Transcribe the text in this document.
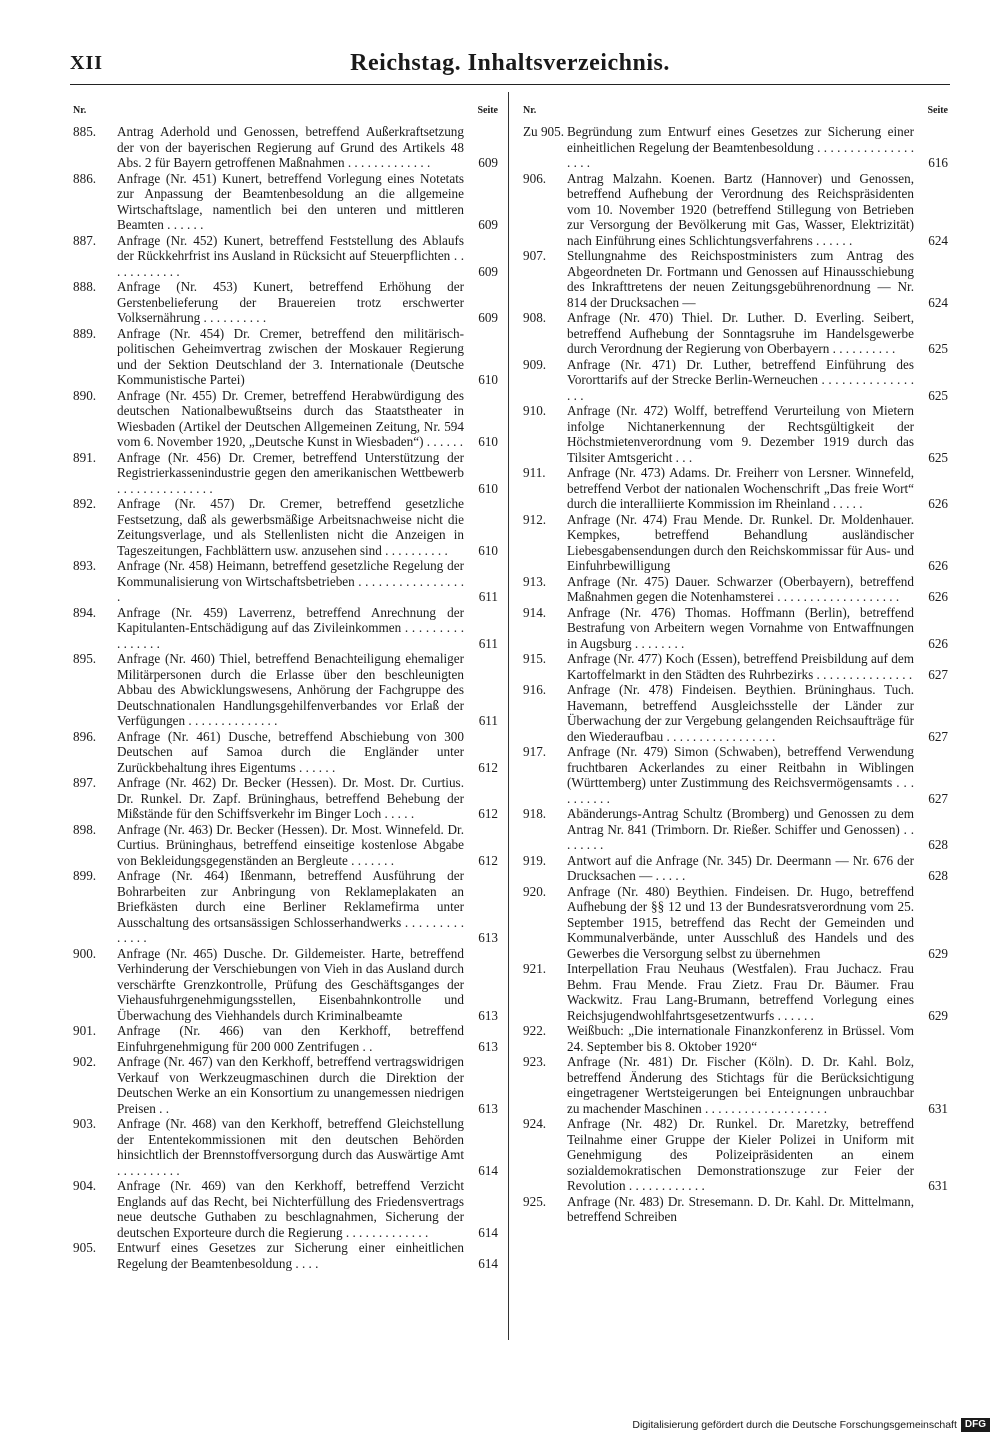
XII	Reichstag. Inhaltsverzeichnis.
Nr.	Seite
885.	Antrag Aderhold und Genossen, betreffend Außerkraftsetzung der von der bayerischen Regierung auf Grund des Artikels 48 Abs. 2 für Bayern getroffenen Maßnahmen . . . . . . . . . . . . .	609
886.	Anfrage (Nr. 451) Kunert, betreffend Vorlegung eines Notetats zur Anpassung der Beamtenbesoldung an die allgemeine Wirtschaftslage, namentlich bei den unteren und mittleren Beamten . . . . . .	609
887.	Anfrage (Nr. 452) Kunert, betreffend Feststellung des Ablaufs der Rückkehrfrist ins Ausland in Rücksicht auf Steuerpflichten . . . . . . . . . . . .	609
888.	Anfrage (Nr. 453) Kunert, betreffend Erhöhung der Gerstenbelieferung der Brauereien trotz erschwerter Volksernährung . . . . . . . . . .	609
889.	Anfrage (Nr. 454) Dr. Cremer, betreffend den militärisch-politischen Geheimvertrag zwischen der Moskauer Regierung und der Sektion Deutschland der 3. Internationale (Deutsche Kommunistische Partei)	610
890.	Anfrage (Nr. 455) Dr. Cremer, betreffend Herabwürdigung des deutschen Nationalbewußtseins durch das Staatstheater in Wiesbaden (Artikel der Deutschen Allgemeinen Zeitung, Nr. 594 vom 6. November 1920, „Deutsche Kunst in Wiesbaden“) . . . . . .	610
891.	Anfrage (Nr. 456) Dr. Cremer, betreffend Unterstützung der Registrierkassenindustrie gegen den amerikanischen Wettbewerb . . . . . . . . . . . . . . .	610
892.	Anfrage (Nr. 457) Dr. Cremer, betreffend gesetzliche Festsetzung, daß als gewerbsmäßige Arbeitsnachweise nicht die Zeitungsverlage, und als Stellenlisten nicht die Anzeigen in Tageszeitungen, Fachblättern usw. anzusehen sind . . . . . . . . . .	610
893.	Anfrage (Nr. 458) Heimann, betreffend gesetzliche Regelung der Kommunalisierung von Wirtschaftsbetrieben . . . . . . . . . . . . . . . . .	611
894.	Anfrage (Nr. 459) Laverrenz, betreffend Anrechnung der Kapitulanten-Entschädigung auf das Zivileinkommen . . . . . . . . . . . . . . . .	611
895.	Anfrage (Nr. 460) Thiel, betreffend Benachteiligung ehemaliger Militärpersonen durch die Erlasse über den beschleunigten Abbau des Abwicklungswesens, Anhörung der Fachgruppe des Deutschnationalen Handlungsgehilfenverbandes vor Erlaß der Verfügungen . . . . . . . . . . . . . .	611
896.	Anfrage (Nr. 461) Dusche, betreffend Abschiebung von 300 Deutschen auf Samoa durch die Engländer unter Zurückbehaltung ihres Eigentums . . . . . .	612
897.	Anfrage (Nr. 462) Dr. Becker (Hessen). Dr. Most. Dr. Curtius. Dr. Runkel. Dr. Zapf. Brüninghaus, betreffend Behebung der Mißstände für den Schiffsverkehr im Binger Loch . . . . .	612
898.	Anfrage (Nr. 463) Dr. Becker (Hessen). Dr. Most. Winnefeld. Dr. Curtius. Brüninghaus, betreffend einseitige kostenlose Abgabe von Bekleidungsgegenständen an Bergleute . . . . . . .	612
899.	Anfrage (Nr. 464) Ißenmann, betreffend Ausführung der Bohrarbeiten zur Anbringung von Reklameplakaten an Briefkästen durch eine Berliner Reklamefirma unter Ausschaltung des ortsansässigen Schlosserhandwerks . . . . . . . . . . . . . .	613
900.	Anfrage (Nr. 465) Dusche. Dr. Gildemeister. Harte, betreffend Verhinderung der Verschiebungen von Vieh in das Ausland durch verschärfte Grenzkontrolle, Prüfung des Geschäftsganges der Viehausfuhrgenehmigungsstellen, Eisenbahnkontrolle und Überwachung des Viehhandels durch Kriminalbeamte	613
901.	Anfrage (Nr. 466) van den Kerkhoff, betreffend Einfuhrgenehmigung für 200 000 Zentrifugen . .	613
902.	Anfrage (Nr. 467) van den Kerkhoff, betreffend vertragswidrigen Verkauf von Werkzeugmaschinen durch die Direktion der Deutschen Werke an ein Konsortium zu unangemessen niedrigen Preisen . .	613
903.	Anfrage (Nr. 468) van den Kerkhoff, betreffend Gleichstellung der Ententekommissionen mit den deutschen Behörden hinsichtlich der Brennstoffversorgung durch das Auswärtige Amt . . . . . . . . . .	614
904.	Anfrage (Nr. 469) van den Kerkhoff, betreffend Verzicht Englands auf das Recht, bei Nichterfüllung des Friedensvertrags neue deutsche Guthaben zu beschlagnahmen, Sicherung der deutschen Exporteure durch die Regierung . . . . . . . . . . . . .	614
905.	Entwurf eines Gesetzes zur Sicherung einer einheitlichen Regelung der Beamtenbesoldung . . . .	614
Nr.	Seite
Zu 905. Begründung zum Entwurf eines Gesetzes zur Sicherung einer einheitlichen Regelung der Beamtenbesoldung . . . . . . . . . . . . . . . . . . .	616
906.	Antrag Malzahn. Koenen. Bartz (Hannover) und Genossen, betreffend Aufhebung der Verordnung des Reichspräsidenten vom 10. November 1920 (betreffend Stillegung von Betrieben zur Versorgung der Bevölkerung mit Gas, Wasser, Elektrizität) nach Einführung eines Schlichtungsverfahrens . . . . . .	624
907.	Stellungnahme des Reichspostministers zum Antrag des Abgeordneten Dr. Fortmann und Genossen auf Hinausschiebung des Inkrafttretens der neuen Zeitungsgebührenordnung — Nr. 814 der Drucksachen —	624
908.	Anfrage (Nr. 470) Thiel. Dr. Luther. D. Everling. Seibert, betreffend Aufhebung der Sonntagsruhe im Handelsgewerbe durch Verordnung der Regierung von Oberbayern . . . . . . . . . .	625
909.	Anfrage (Nr. 471) Dr. Luther, betreffend Einführung des Vororttarifs auf der Strecke Berlin-Werneuchen . . . . . . . . . . . . . . . . .	625
910.	Anfrage (Nr. 472) Wolff, betreffend Verurteilung von Mietern infolge Nichtanerkennung der Rechtsgültigkeit der Höchstmietenverordnung vom 9. Dezember 1919 durch das Tilsiter Amtsgericht . . .	625
911.	Anfrage (Nr. 473) Adams. Dr. Freiherr von Lersner. Winnefeld, betreffend Verbot der nationalen Wochenschrift „Das freie Wort“ durch die interalliierte Kommission im Rheinland . . . . .	626
912.	Anfrage (Nr. 474) Frau Mende. Dr. Runkel. Dr. Moldenhauer. Kempkes, betreffend Behandlung ausländischer Liebesgabensendungen durch den Reichskommissar für Aus- und Einfuhrbewilligung	626
913.	Anfrage (Nr. 475) Dauer. Schwarzer (Oberbayern), betreffend Maßnahmen gegen die Notenhamsterei . . . . . . . . . . . . . . . . . . .	626
914.	Anfrage (Nr. 476) Thomas. Hoffmann (Berlin), betreffend Bestrafung von Arbeitern wegen Vornahme von Entwaffnungen in Augsburg . . . . . . . .	626
915.	Anfrage (Nr. 477) Koch (Essen), betreffend Preisbildung auf dem Kartoffelmarkt in den Städten des Ruhrbezirks . . . . . . . . . . . . . . .	627
916.	Anfrage (Nr. 478) Findeisen. Beythien. Brüninghaus. Tuch. Havemann, betreffend Ausgleichsstelle der Länder zur Überwachung der zur Vergebung gelangenden Reichsaufträge für den Wiederaufbau . . . . . . . . . . . . . . . . .	627
917.	Anfrage (Nr. 479) Simon (Schwaben), betreffend Verwendung fruchtbaren Ackerlandes zu einer Reitbahn in Wiblingen (Württemberg) unter Zustimmung des Reichsvermögensamts . . . . . . . . . .	627
918.	Abänderungs-Antrag Schultz (Bromberg) und Genossen zu dem Antrag Nr. 841 (Trimborn. Dr. Rießer. Schiffer und Genossen) . . . . . . . .	628
919.	Antwort auf die Anfrage (Nr. 345) Dr. Deermann — Nr. 676 der Drucksachen — . . . . .	628
920.	Anfrage (Nr. 480) Beythien. Findeisen. Dr. Hugo, betreffend Aufhebung der §§ 12 und 13 der Bundesratsverordnung vom 25. September 1915, betreffend das Recht der Gemeinden und Kommunalverbände, unter Ausschluß des Handels und des Gewerbes die Versorgung selbst zu übernehmen	629
921.	Interpellation Frau Neuhaus (Westfalen). Frau Juchacz. Frau Behm. Frau Mende. Frau Zietz. Frau Dr. Bäumer. Frau Wackwitz. Frau Lang-Brumann, betreffend Vorlegung eines Reichsjugendwohlfahrtsgesetzentwurfs . . . . . .	629
922.	Weißbuch: „Die internationale Finanzkonferenz in Brüssel. Vom 24. September bis 8. Oktober 1920“
923.	Anfrage (Nr. 481) Dr. Fischer (Köln). D. Dr. Kahl. Bolz, betreffend Änderung des Stichtags für die Berücksichtigung eingetragener Wertsteigerungen bei Enteignungen unbrauchbar zu machender Maschinen . . . . . . . . . . . . . . . . . . .	631
924.	Anfrage (Nr. 482) Dr. Runkel. Dr. Maretzky, betreffend Teilnahme einer Gruppe der Kieler Polizei in Uniform mit Genehmigung des Polizeipräsidenten an einem sozialdemokratischen Demonstrationszuge zur Feier der Revolution . . . . . . . . . . . .	631
925.	Anfrage (Nr. 483) Dr. Stresemann. D. Dr. Kahl. Dr. Mittelmann, betreffend Schreiben
Digitalisierung gefördert durch die Deutsche Forschungsgemeinschaft DFG
